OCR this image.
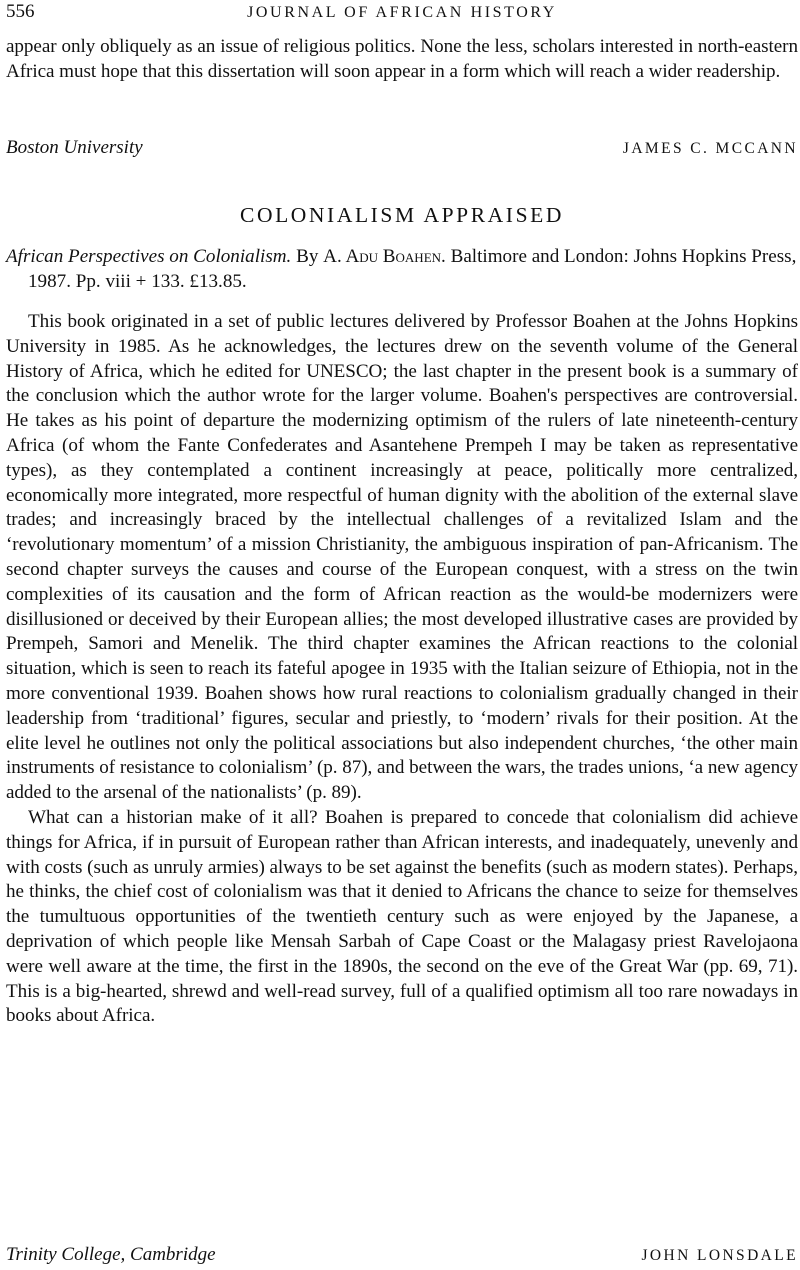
556	JOURNAL OF AFRICAN HISTORY

appear only obliquely as an issue of religious politics. None the less, scholars interested in north-eastern Africa must hope that this dissertation will soon appear in a form which will reach a wider readership.

Boston University	JAMES C. MCCANN
COLONIALISM APPRAISED

African Perspectives on Colonialism. By A. Adu Boahen. Baltimore and London: Johns Hopkins Press, 1987. Pp. viii + 133. £13.85.

This book originated in a set of public lectures delivered by Professor Boahen at the Johns Hopkins University in 1985. As he acknowledges, the lectures drew on the seventh volume of the General History of Africa, which he edited for UNESCO; the last chapter in the present book is a summary of the conclusion which the author wrote for the larger volume. Boahen's perspectives are controversial. He takes as his point of departure the modernizing optimism of the rulers of late nineteenth-century Africa (of whom the Fante Confederates and Asantehene Prempeh I may be taken as representative types), as they contemplated a continent increasingly at peace, politically more centralized, economically more integrated, more respectful of human dignity with the abolition of the external slave trades; and increasingly braced by the intellectual challenges of a revitalized Islam and the ‘revolutionary momentum’ of a mission Christianity, the ambiguous inspiration of pan-Africanism. The second chapter surveys the causes and course of the European conquest, with a stress on the twin complexities of its causation and the form of African reaction as the would-be modernizers were disillusioned or deceived by their European allies; the most developed illustrative cases are provided by Prempeh, Samori and Menelik. The third chapter examines the African reactions to the colonial situation, which is seen to reach its fateful apogee in 1935 with the Italian seizure of Ethiopia, not in the more conventional 1939. Boahen shows how rural reactions to colonialism gradually changed in their leadership from ‘traditional’ figures, secular and priestly, to ‘modern’ rivals for their position. At the elite level he outlines not only the political associations but also independent churches, ‘the other main instruments of resistance to colonialism’ (p. 87), and between the wars, the trades unions, ‘a new agency added to the arsenal of the nationalists’ (p. 89).

What can a historian make of it all? Boahen is prepared to concede that colonialism did achieve things for Africa, if in pursuit of European rather than African interests, and inadequately, unevenly and with costs (such as unruly armies) always to be set against the benefits (such as modern states). Perhaps, he thinks, the chief cost of colonialism was that it denied to Africans the chance to seize for themselves the tumultuous opportunities of the twentieth century such as were enjoyed by the Japanese, a deprivation of which people like Mensah Sarbah of Cape Coast or the Malagasy priest Ravelojaona were well aware at the time, the first in the 1890s, the second on the eve of the Great War (pp. 69, 71). This is a big-hearted, shrewd and well-read survey, full of a qualified optimism all too rare nowadays in books about Africa.

Trinity College, Cambridge	JOHN LONSDALE
